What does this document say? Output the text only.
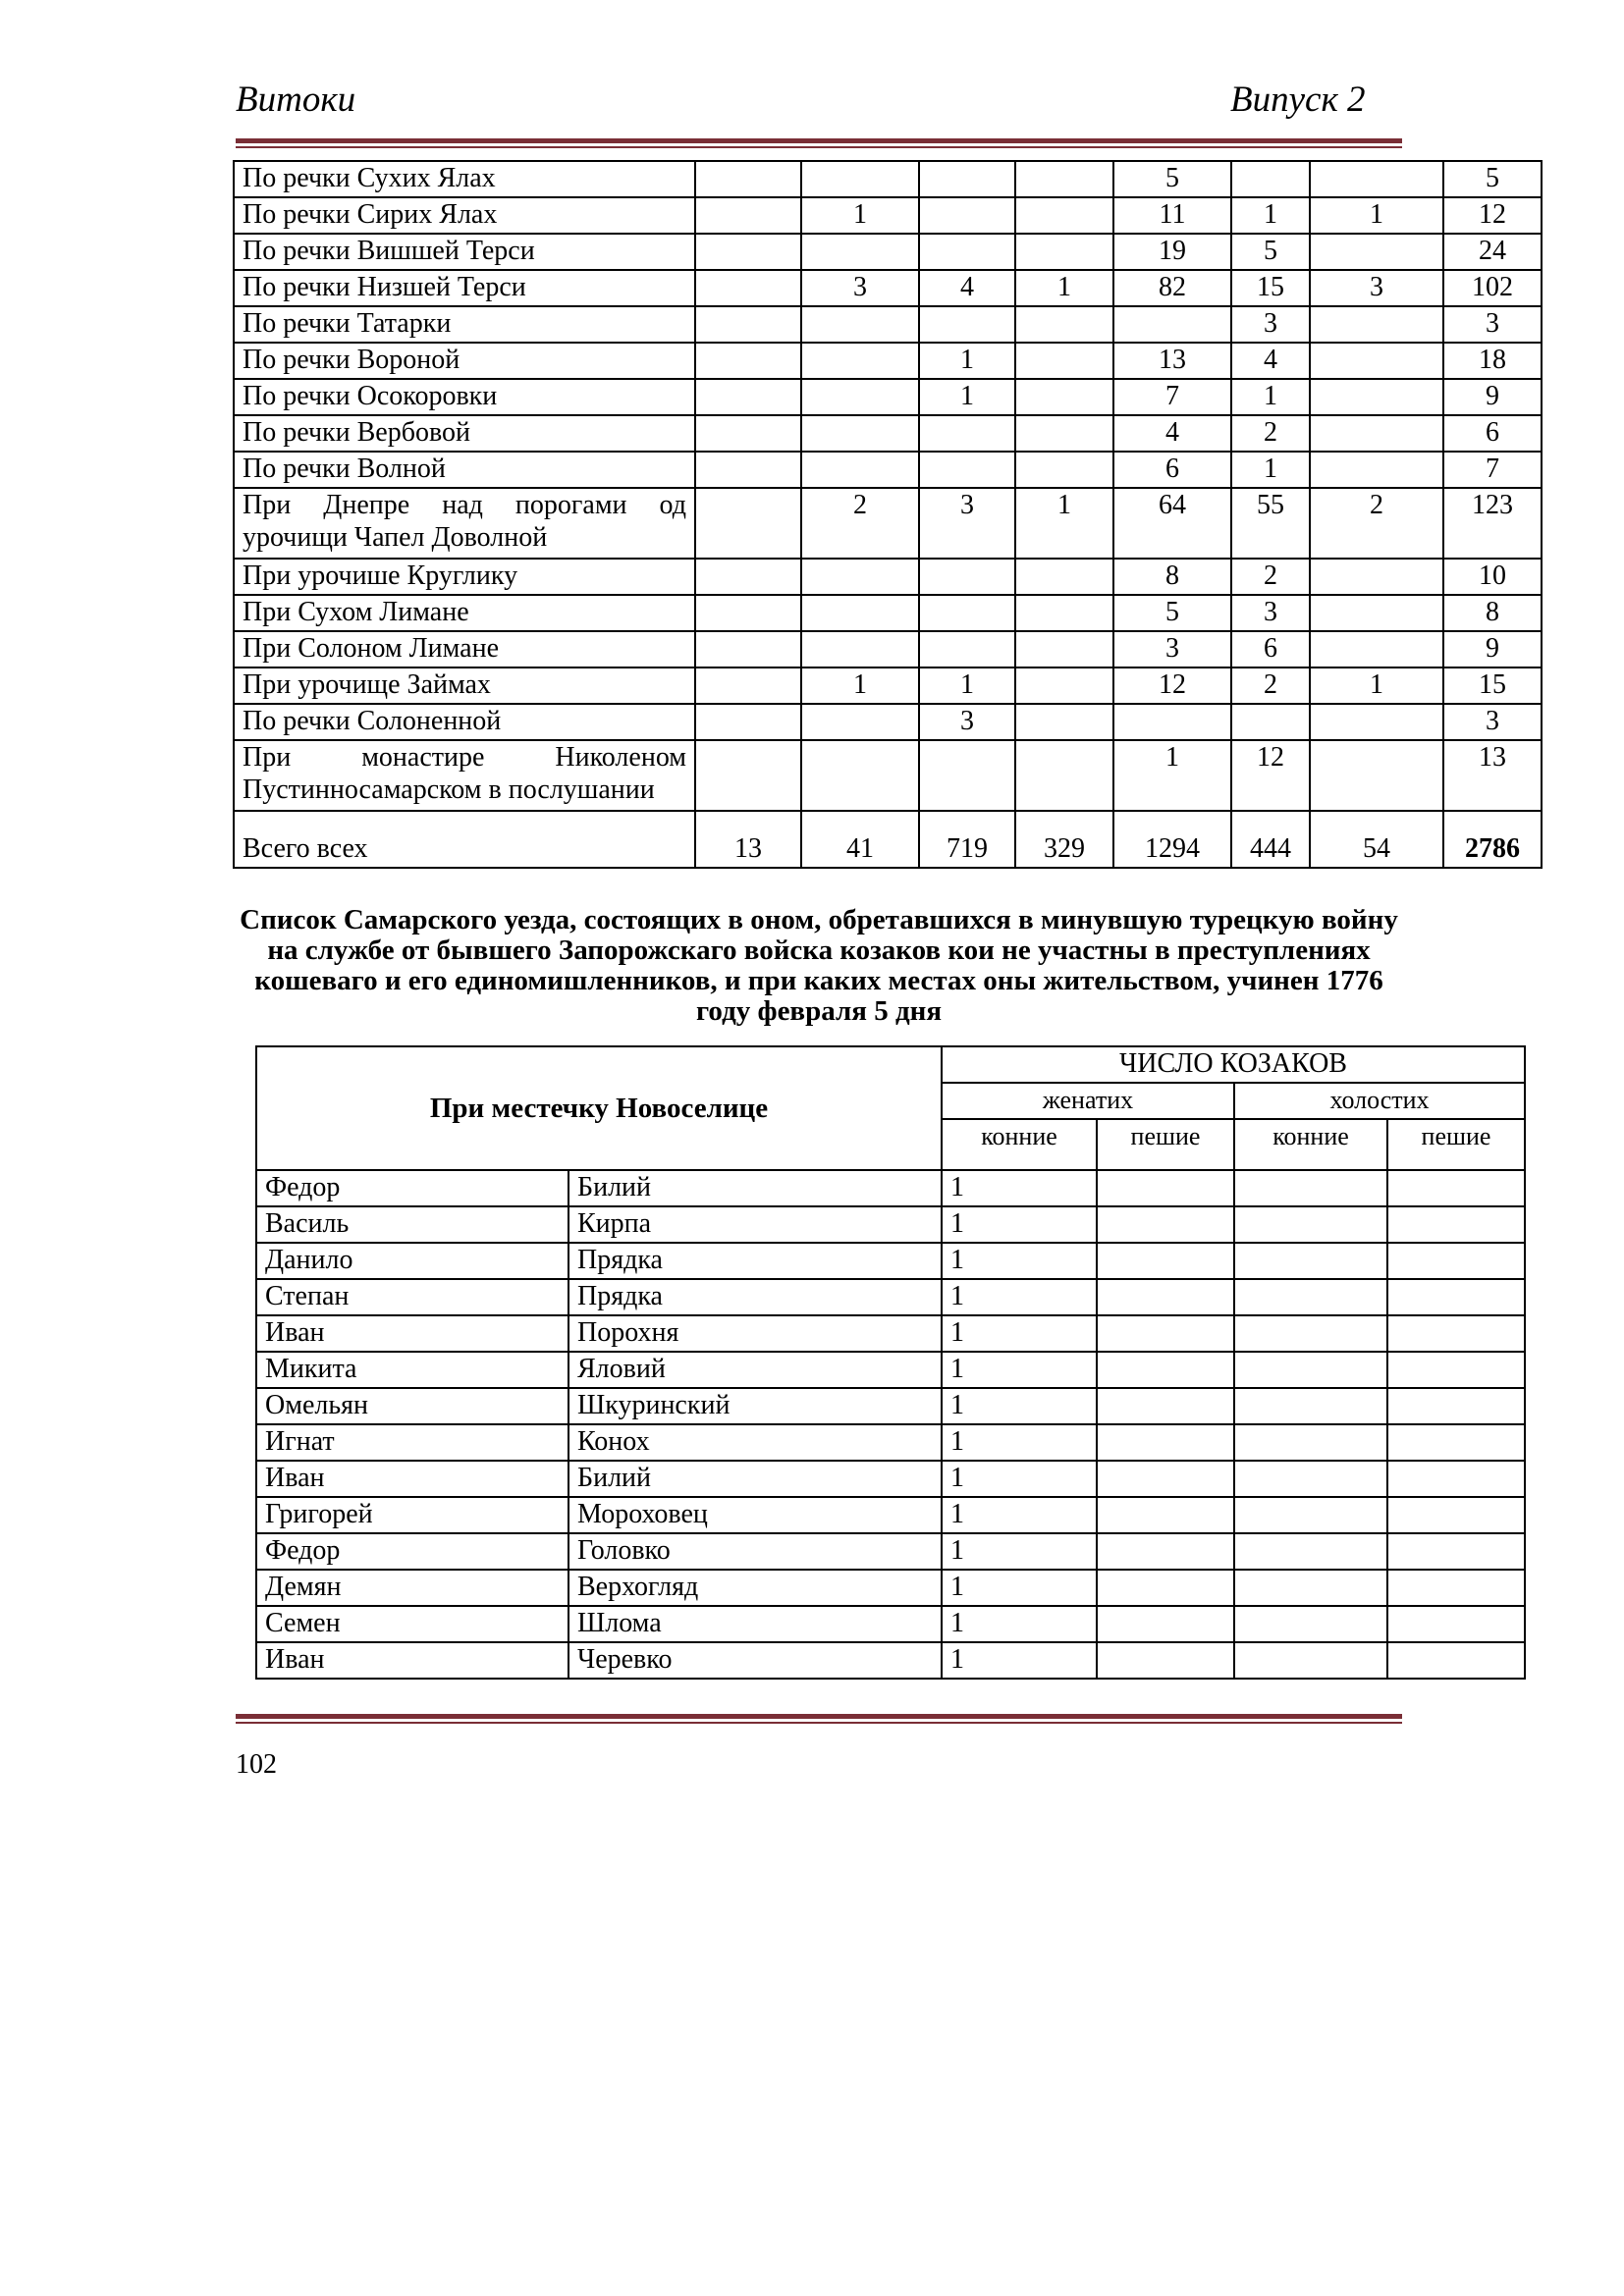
Витоки	Випуск 2
По речки Сухих Ялах					5			5
По речки Сирих Ялах		1			11	1	1	12
По речки Вишшей Терси					19	5		24
По речки Низшей Терси		3	4	1	82	15	3	102
По речки Татарки						3		3
По речки Вороной			1		13	4		18
По речки Осокоровки			1		7	1		9
По речки Вербовой					4	2		6
По речки Волной					6	1		7
При Днепре над порогами од урочищи Чапел Доволной		2	3	1	64	55	2	123
При урочише Круглику					8	2		10
При Сухом Лимане					5	3		8
При Солоном Лимане					3	6		9
При урочище Займах		1	1		12	2	1	15
По речки Солоненной			3					3
При монастире Николеном Пустинносамарском в послушании					1	12		13
Всего всех	13	41	719	329	1294	444	54	2786
Список Самарского уезда, состоящих в оном, обретавшихся в минувшую турецкую войну на службе от бывшего Запорожскаго войска козаков кои не участны в преступлениях кошеваго и его единомишленников, и при каких местах оны жительством, учинен 1776 году февраля 5 дня
При местечку Новоселице		ЧИСЛО КОЗАКОВ			
		женатих		холостих	
		конние	пешие	конние	пешие
Федор	Билий	1			
Василь	Кирпа	1			
Данило	Прядка	1			
Степан	Прядка	1			
Иван	Порохня	1			
Микита	Яловий	1			
Омельян	Шкуринский	1			
Игнат	Конох	1			
Иван	Билий	1			
Григорей	Мороховец	1			
Федор	Головко	1			
Демян	Верхогляд	1			
Семен	Шлома	1			
Иван	Черевко	1			
102
